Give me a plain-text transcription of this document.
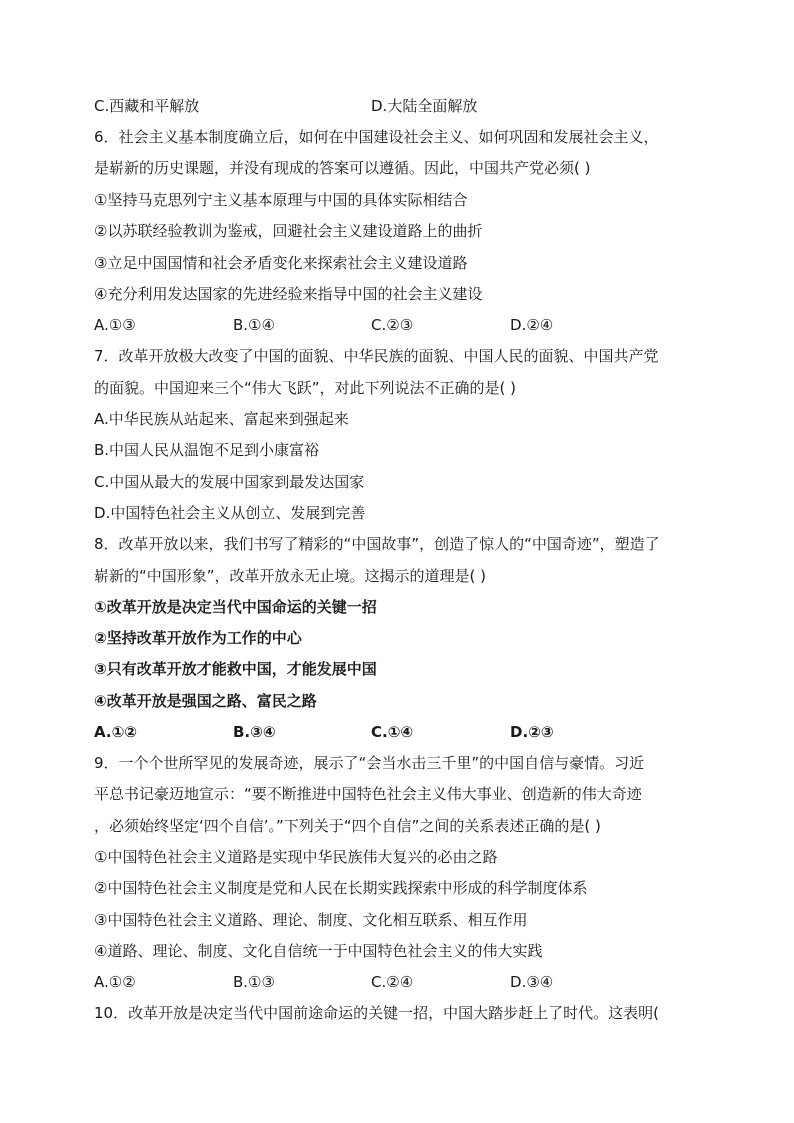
C.西藏和平解放	D.大陆全面解放
6．社会主义基本制度确立后，如何在中国建设社会主义、如何巩固和发展社会主义，
是崭新的历史课题，并没有现成的答案可以遵循。因此，中国共产党必须( )
①坚持马克思列宁主义基本原理与中国的具体实际相结合
②以苏联经验教训为鉴戒，回避社会主义建设道路上的曲折
③立足中国国情和社会矛盾变化来探索社会主义建设道路
④充分利用发达国家的先进经验来指导中国的社会主义建设
A.①③	B.①④	C.②③	D.②④
7．改革开放极大改变了中国的面貌、中华民族的面貌、中国人民的面貌、中国共产党
的面貌。中国迎来三个“伟大飞跃”，对此下列说法不正确的是( )
A.中华民族从站起来、富起来到强起来
B.中国人民从温饱不足到小康富裕
C.中国从最大的发展中国家到最发达国家
D.中国特色社会主义从创立、发展到完善
8．改革开放以来，我们书写了精彩的“中国故事”，创造了惊人的“中国奇迹”，塑造了
崭新的“中国形象”，改革开放永无止境。这揭示的道理是( )
①改革开放是决定当代中国命运的关键一招
②坚持改革开放作为工作的中心
③只有改革开放才能救中国，才能发展中国
④改革开放是强国之路、富民之路
A.①②	B.③④	C.①④	D.②③
9．一个个世所罕见的发展奇迹，展示了“会当水击三千里”的中国自信与豪情。习近
平总书记豪迈地宣示：“要不断推进中国特色社会主义伟大事业、创造新的伟大奇迹
，必须始终坚定‘四个自信’。”下列关于“四个自信”之间的关系表述正确的是( )
①中国特色社会主义道路是实现中华民族伟大复兴的必由之路
②中国特色社会主义制度是党和人民在长期实践探索中形成的科学制度体系
③中国特色社会主义道路、理论、制度、文化相互联系、相互作用
④道路、理论、制度、文化自信统一于中国特色社会主义的伟大实践
A.①②	B.①③	C.②④	D.③④
10．改革开放是决定当代中国前途命运的关键一招，中国大踏步赶上了时代。这表明(
